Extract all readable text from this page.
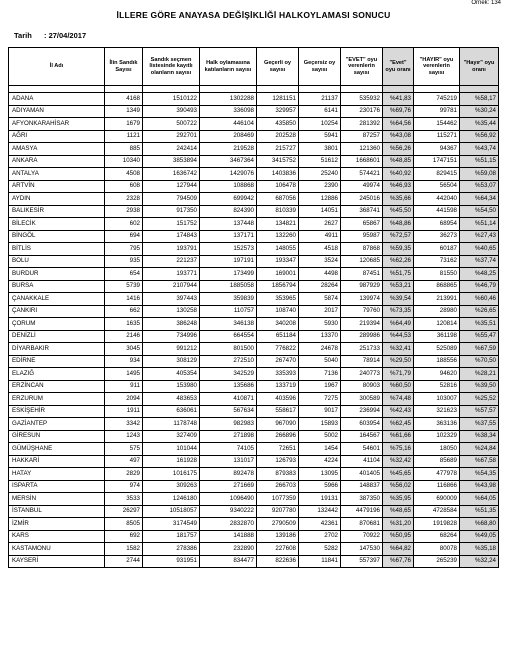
Örnek: 134
İLLERE GÖRE ANAYASA DEĞİŞİKLİĞİ HALKOYLAMASI SONUCU
Tarih : 27/04/2017
İl Adı	İlin Sandık Sayısı	Sandık seçmen listesinde kayıtlı olanların sayısı	Halk oylamasına katılanların sayısı	Geçerli oy sayısı	Geçersiz oy sayısı	"EVET" oyu verenlerin sayısı	"Evet" oyu oranı	"HAYIR" oyu verenlerin sayısı	"Hayır" oyu oranı

ADANA	4168	1510122	1302288	1281151	21137	535932	%41,83	745219	%58,17
ADIYAMAN	1349	390493	336098	329957	6141	230176	%69,76	99781	%30,24
AFYONKARAHİSAR	1679	500722	446104	435850	10254	281392	%64,56	154462	%35,44
AĞRI	1121	292701	208469	202528	5941	87257	%43,08	115271	%56,92
AMASYA	885	242414	219528	215727	3801	121360	%56,26	94367	%43,74
ANKARA	10340	3853894	3467364	3415752	51612	1668601	%48,85	1747151	%51,15
ANTALYA	4508	1636742	1429076	1403836	25240	574421	%40,92	829415	%59,08
ARTVİN	608	127944	108868	106478	2390	49974	%46,93	56504	%53,07
AYDIN	2328	794509	699942	687056	12886	245016	%35,66	442040	%64,34
BALIKESİR	2938	917350	824390	810339	14051	368741	%45,50	441598	%54,50
BİLECİK	602	151752	137448	134821	2627	65867	%48,86	68954	%51,14
BİNGÖL	694	174843	137171	132260	4911	95987	%72,57	36273	%27,43
BİTLİS	795	193791	152573	148055	4518	87868	%59,35	60187	%40,65
BOLU	935	221237	197191	193347	3524	120685	%62,26	73162	%37,74
BURDUR	654	193771	173499	169001	4498	87451	%51,75	81550	%48,25
BURSA	5739	2107944	1885058	1856794	28264	987929	%53,21	868865	%46,79
ÇANAKKALE	1416	397443	359839	353965	5874	139974	%39,54	213991	%60,46
ÇANKIRI	662	130258	110757	108740	2017	79760	%73,35	28980	%26,65
ÇORUM	1635	386248	346138	340208	5930	219394	%64,49	120814	%35,51
DENİZLİ	2146	734996	664554	651184	13370	289986	%44,53	361198	%55,47
DİYARBAKIR	3045	991212	801500	776822	24678	251733	%32,41	525089	%67,59
EDİRNE	934	308129	272510	267470	5040	78914	%29,50	188556	%70,50
ELAZIĞ	1495	405354	342529	335393	7136	240773	%71,79	94620	%28,21
ERZİNCAN	911	153980	135686	133719	1967	80903	%60,50	52816	%39,50
ERZURUM	2094	483653	410871	403596	7275	300589	%74,48	103007	%25,52
ESKİŞEHİR	1911	636061	567634	558617	9017	236994	%42,43	321623	%57,57
GAZİANTEP	3342	1178748	982983	967090	15893	603954	%62,45	363136	%37,55
GİRESUN	1243	327409	271898	266896	5002	164567	%61,66	102329	%38,34
GÜMÜŞHANE	575	101044	74105	72651	1454	54601	%75,16	18050	%24,84
HAKKARİ	497	161928	131017	126793	4224	41104	%32,42	85689	%67,58
HATAY	2829	1016175	892478	879383	13095	401405	%45,65	477978	%54,35
ISPARTA	974	309263	271669	266703	5966	148837	%56,02	116866	%43,98
MERSİN	3533	1246180	1096490	1077359	19131	387350	%35,95	690009	%64,05
İSTANBUL	26297	10518057	9340222	9207780	132442	4479196	%48,65	4728584	%51,35
İZMİR	8505	3174549	2832870	2790509	42361	870681	%31,20	1919828	%68,80
KARS	692	181757	141888	139186	2702	70922	%50,95	68264	%49,05
KASTAMONU	1582	278386	232890	227608	5282	147530	%64,82	80078	%35,18
KAYSERİ	2744	931951	834477	822636	11841	557397	%67,76	265239	%32,24
